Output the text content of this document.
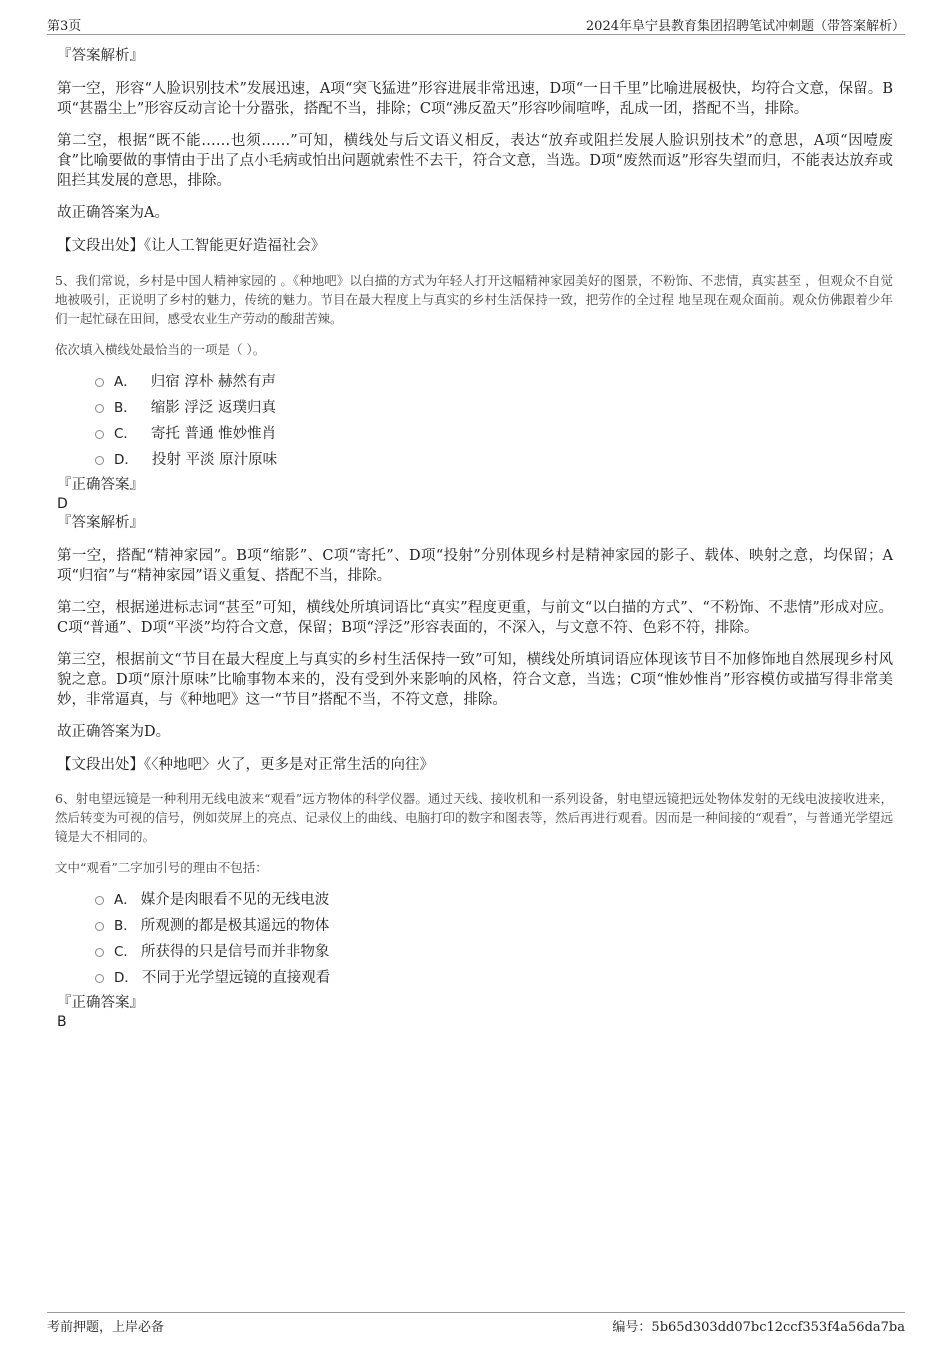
第3页	2024年阜宁县教育集团招聘笔试冲刺题（带答案解析）
『答案解析』

第一空，形容“人脸识别技术”发展迅速，A项“突飞猛进”形容进展非常迅速，D项“一日千里”比喻进展极快，均符合文意，保留。B项“甚嚣尘上”形容反动言论十分嚣张，搭配不当，排除；C项“沸反盈天”形容吵闹喧哗，乱成一团，搭配不当，排除。

第二空，根据“既不能……也须……”可知，横线处与后文语义相反，表达“放弃或阻拦发展人脸识别技术”的意思，A项“因噎废食”比喻要做的事情由于出了点小毛病或怕出问题就索性不去干，符合文意，当选。D项“废然而返”形容失望而归，不能表达放弃或阻拦其发展的意思，排除。

故正确答案为A。

【文段出处】《让人工智能更好造福社会》

5、我们常说，乡村是中国人精神家园的 。《种地吧》以白描的方式为年轻人打开这幅精神家园美好的图景，不粉饰、不悲情，真实甚至 ，但观众不自觉地被吸引，正说明了乡村的魅力，传统的魅力。节目在最大程度上与真实的乡村生活保持一致，把劳作的全过程 地呈现在观众面前。观众仿佛跟着少年们一起忙碌在田间，感受农业生产劳动的酸甜苦辣。

依次填入横线处最恰当的一项是（ ）。

A． 归宿 淳朴 赫然有声
B． 缩影 浮泛 返璞归真
C． 寄托 普通 惟妙惟肖
D． 投射 平淡 原汁原味
『正确答案』
D
『答案解析』

第一空，搭配“精神家园”。B项“缩影”、C项“寄托”、D项“投射”分别体现乡村是精神家园的影子、载体、映射之意，均保留；A项“归宿”与“精神家园”语义重复、搭配不当，排除。

第二空，根据递进标志词“甚至”可知，横线处所填词语比“真实”程度更重，与前文“以白描的方式”、“不粉饰、不悲情”形成对应。C项“普通”、D项“平淡”均符合文意，保留；B项“浮泛”形容表面的，不深入，与文意不符、色彩不符，排除。

第三空，根据前文“节目在最大程度上与真实的乡村生活保持一致”可知，横线处所填词语应体现该节目不加修饰地自然展现乡村风貌之意。D项“原汁原味”比喻事物本来的，没有受到外来影响的风格，符合文意，当选；C项“惟妙惟肖”形容模仿或描写得非常美妙，非常逼真，与《种地吧》这一“节目”搭配不当，不符文意，排除。

故正确答案为D。

【文段出处】《〈种地吧〉火了，更多是对正常生活的向往》

6、射电望远镜是一种利用无线电波来“观看”远方物体的科学仪器。通过天线、接收机和一系列设备，射电望远镜把远处物体发射的无线电波接收进来，然后转变为可视的信号，例如荧屏上的亮点、记录仪上的曲线、电脑打印的数字和图表等，然后再进行观看。因而是一种间接的“观看”，与普通光学望远镜是大不相同的。

文中“观看”二字加引号的理由不包括：

A． 媒介是肉眼看不见的无线电波
B． 所观测的都是极其遥远的物体
C． 所获得的只是信号而并非物象
D． 不同于光学望远镜的直接观看
『正确答案』
B
考前押题，上岸必备	编号：5b65d303dd07bc12ccf353f4a56da7ba
